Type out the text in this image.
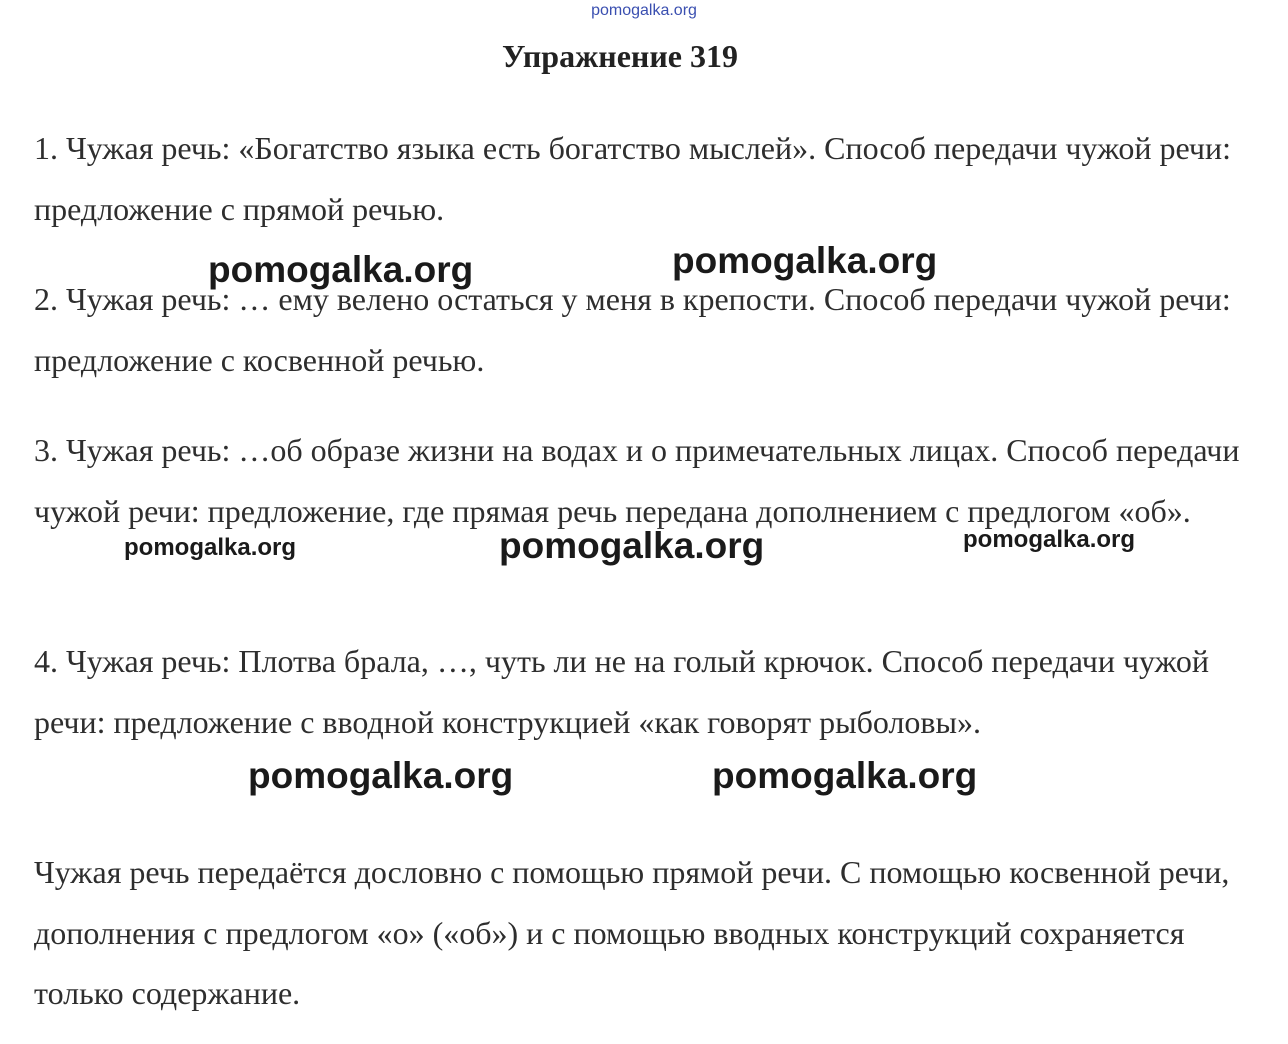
pomogalka.org
Упражнение 319

1. Чужая речь: «Богатство языка есть богатство мыслей». Способ передачи чужой речи: предложение с прямой речью.

2. Чужая речь: … ему велено остаться у меня в крепости. Способ передачи чужой речи: предложение с косвенной речью.

3. Чужая речь: …об образе жизни на водах и о примечательных лицах. Способ передачи чужой речи: предложение, где прямая речь передана дополнением с предлогом «об».

4. Чужая речь: Плотва брала, …, чуть ли не на голый крючок. Способ передачи чужой речи: предложение с вводной конструкцией «как говорят рыболовы».

Чужая речь передаётся дословно с помощью прямой речи. С помощью косвенной речи, дополнения с предлогом «о» («об») и с помощью вводных конструкций сохраняется только содержание.

pomogalka.org	pomogalka.org
pomogalka.org	pomogalka.org	pomogalka.org
pomogalka.org	pomogalka.org
